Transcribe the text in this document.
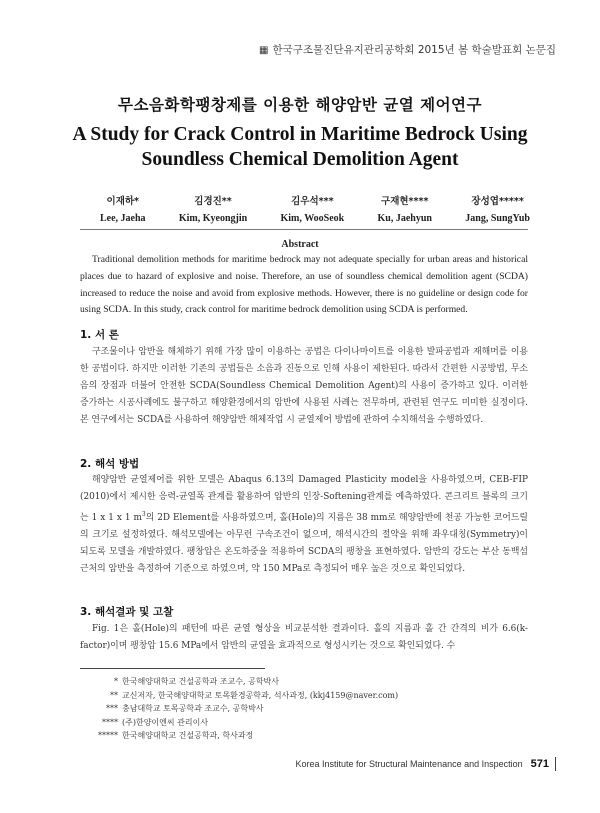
▦ 한국구조물진단유지관리공학회 2015년 봄 학술발표회 논문집
무소음화학팽창제를 이용한 해양암반 균열 제어연구
A Study for Crack Control in Maritime Bedrock Using
Soundless Chemical Demolition Agent
이재하*
Lee, Jaeha
김경진**
Kim, Kyeongjin
김우석***
Kim, WooSeok
구재현****
Ku, Jaehyun
장성엽*****
Jang, SungYub
Abstract
Traditional demolition methods for maritime bedrock may not adequate specially for urban areas and historical places due to hazard of explosive and noise. Therefore, an use of soundless chemical demolition agent (SCDA) increased to reduce the noise and avoid from explosive methods. However, there is no guideline or design code for using SCDA. In this study, crack control for maritime bedrock demolition using SCDA is performed.
1. 서 론
구조물이나 암반을 해체하기 위해 가장 많이 이용하는 공법은 다이나마이트를 이용한 발파공법과 재해머를 이용한 공법이다. 하지만 이러한 기존의 공법들은 소음과 진동으로 인해 사용이 제한된다. 따라서 간편한 시공방법, 무소음의 장점과 더불어 안전한 SCDA(Soundless Chemical Demolition Agent)의 사용이 증가하고 있다. 이러한 증가하는 시공사례에도 불구하고 해양환경에서의 암반에 사용된 사례는 전무하며, 관련된 연구도 미미한 실정이다. 본 연구에서는 SCDA를 사용하여 해양암반 해체작업 시 균열제어 방법에 관하여 수치해석을 수행하였다.
2. 해석 방법
해양암반 균열제어를 위한 모델은 Abaqus 6.13의 Damaged Plasticity model을 사용하였으며, CEB-FIP (2010)에서 제시한 응력-균열폭 관계를 활용하여 암반의 인장-Softening관계를 예측하였다. 콘크리트 블록의 크기는 1 x 1 x 1 $m^3$의 2D Element를 사용하였으며, 홀(Hole)의 지름은 38 mm로 해양암반에 천공 가능한 코어드릴의 크기로 설정하였다. 해석모델에는 아무런 구속조건이 없으며, 해석시간의 절약을 위해 좌우대칭(Symmetry)이 되도록 모델을 개발하였다. 팽창압은 온도하중을 적용하여 SCDA의 팽창을 표현하였다. 암반의 강도는 부산 동백섬 근처의 암반을 측정하여 기준으로 하였으며, 약 150 MPa로 측정되어 매우 높은 것으로 확인되었다.
3. 해석결과 및 고찰
Fig. 1은 홀(Hole)의 패턴에 따른 균열 형상을 비교분석한 결과이다. 홀의 지름과 홀 간 간격의 비가 6.6(k-factor)이며 팽창압 15.6 MPa에서 암반의 균열을 효과적으로 형성시키는 것으로 확인되었다. 수
* 한국해양대학교 건설공학과 조교수, 공학박사
** 교신저자, 한국해양대학교 토목환경공학과, 석사과정, (kkj4159@naver.com)
*** 충남대학교 토목공학과 조교수, 공학박사
**** (주)한양이엔씨 관리이사
***** 한국해양대학교 건설공학과, 학사과정
Korea Institute for Structural Maintenance and Inspection 571
